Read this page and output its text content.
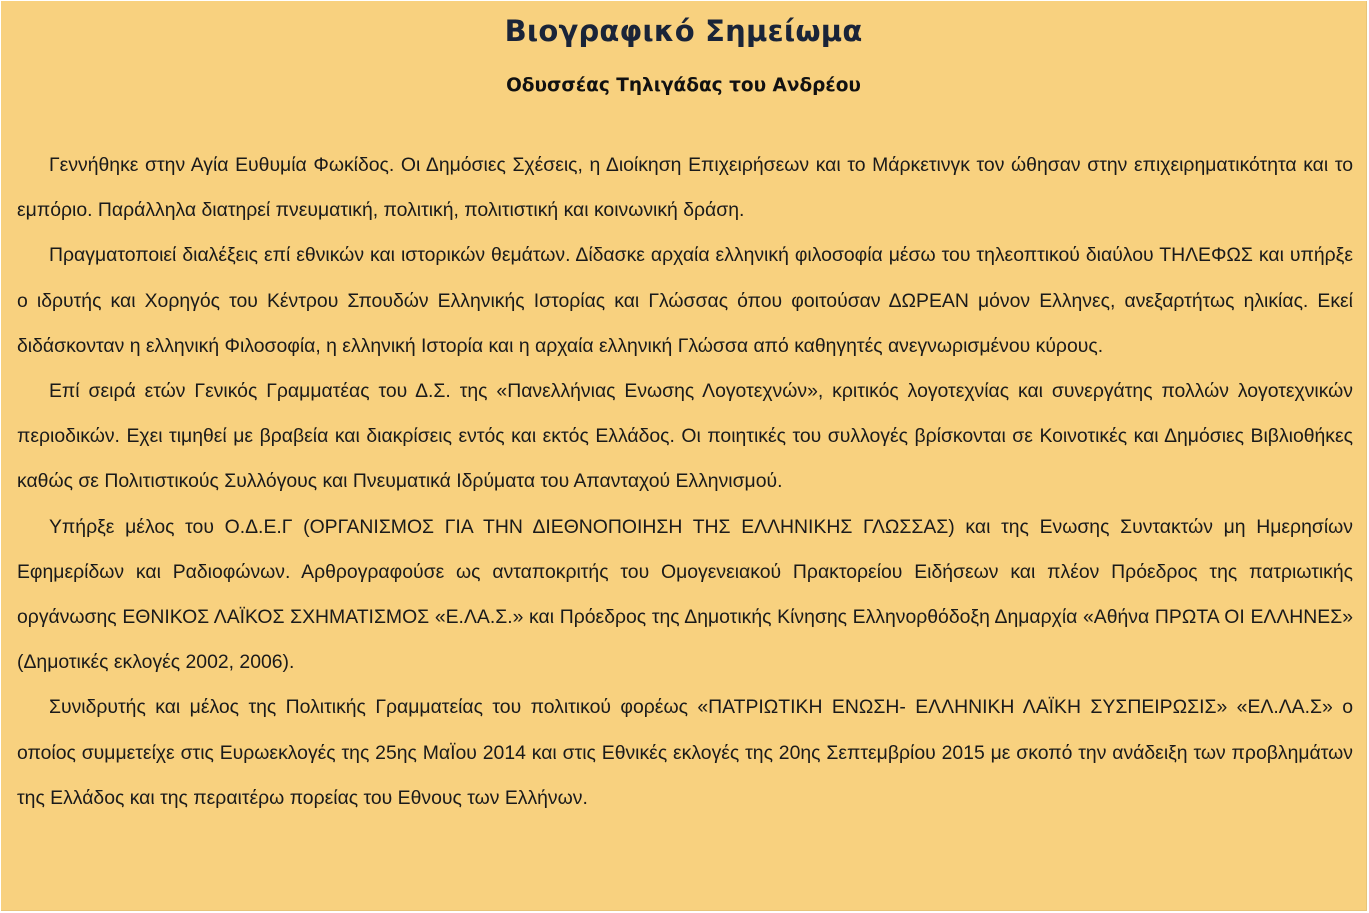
Βιογραφικό Σημείωμα
Οδυσσέας Τηλιγάδας του Ανδρέου

Γεννήθηκε στην Αγία Ευθυμία Φωκίδος. Οι Δημόσιες Σχέσεις, η Διοίκηση Επιχειρήσεων και το Μάρκετινγκ τον ώθησαν στην επιχειρηματικότητα και το εμπόριο. Παράλληλα διατηρεί πνευματική, πολιτική, πολιτιστική και κοινωνική δράση.

Πραγματοποιεί διαλέξεις επί εθνικών και ιστορικών θεμάτων. Δίδασκε αρχαία ελληνική φιλοσοφία μέσω του τηλεοπτικού διαύλου ΤΗΛΕΦΩΣ και υπήρξε ο ιδρυτής και Χορηγός του Κέντρου Σπουδών Ελληνικής Ιστορίας και Γλώσσας όπου φοιτούσαν ΔΩΡΕΑΝ μόνον Ελληνες, ανεξαρτήτως ηλικίας. Εκεί διδάσκονταν η ελληνική Φιλοσοφία, η ελληνική Ιστορία και η αρχαία ελληνική Γλώσσα από καθηγητές ανεγνωρισμένου κύρους.

Επί σειρά ετών Γενικός Γραμματέας του Δ.Σ. της «Πανελλήνιας Ενωσης Λογοτεχνών», κριτικός λογοτεχνίας και συνεργάτης πολλών λογοτεχνικών περιοδικών. Εχει τιμηθεί με βραβεία και διακρίσεις εντός και εκτός Ελλάδος. Οι ποιητικές του συλλογές βρίσκονται σε Κοινοτικές και Δημόσιες Βιβλιοθήκες καθώς σε Πολιτιστικούς Συλλόγους και Πνευματικά Ιδρύματα του Απανταχού Ελληνισμού.

Υπήρξε μέλος του Ο.Δ.Ε.Γ (ΟΡΓΑΝΙΣΜΟΣ ΓΙΑ ΤΗΝ ΔΙΕΘΝΟΠΟΙΗΣΗ ΤΗΣ ΕΛΛΗΝΙΚΗΣ ΓΛΩΣΣΑΣ) και της Ενωσης Συντακτών μη Ημερησίων Εφημερίδων και Ραδιοφώνων. Αρθρογραφούσε ως ανταποκριτής του Ομογενειακού Πρακτορείου Ειδήσεων και πλέον Πρόεδρος της πατριωτικής οργάνωσης ΕΘΝΙΚΟΣ ΛΑΪΚΟΣ ΣΧΗΜΑΤΙΣΜΟΣ «Ε.ΛΑ.Σ.» και Πρόεδρος της Δημοτικής Κίνησης Ελληνορθόδοξη Δημαρχία «Αθήνα ΠΡΩΤΑ ΟΙ ΕΛΛΗΝΕΣ» (Δημοτικές εκλογές 2002, 2006).

Συνιδρυτής και μέλος της Πολιτικής Γραμματείας του πολιτικού φορέως «ΠΑΤΡΙΩΤΙΚΗ ΕΝΩΣΗ- ΕΛΛΗΝΙΚΗ ΛΑΪΚΗ ΣΥΣΠΕΙΡΩΣΙΣ» «ΕΛ.ΛΑ.Σ» ο οποίος συμμετείχε στις Ευρωεκλογές της 25ης ΜαΪου 2014 και στις Εθνικές εκλογές της 20ης Σεπτεμβρίου 2015 με σκοπό την ανάδειξη των προβλημάτων της Ελλάδος και της περαιτέρω πορείας του Εθνους των Ελλήνων.
